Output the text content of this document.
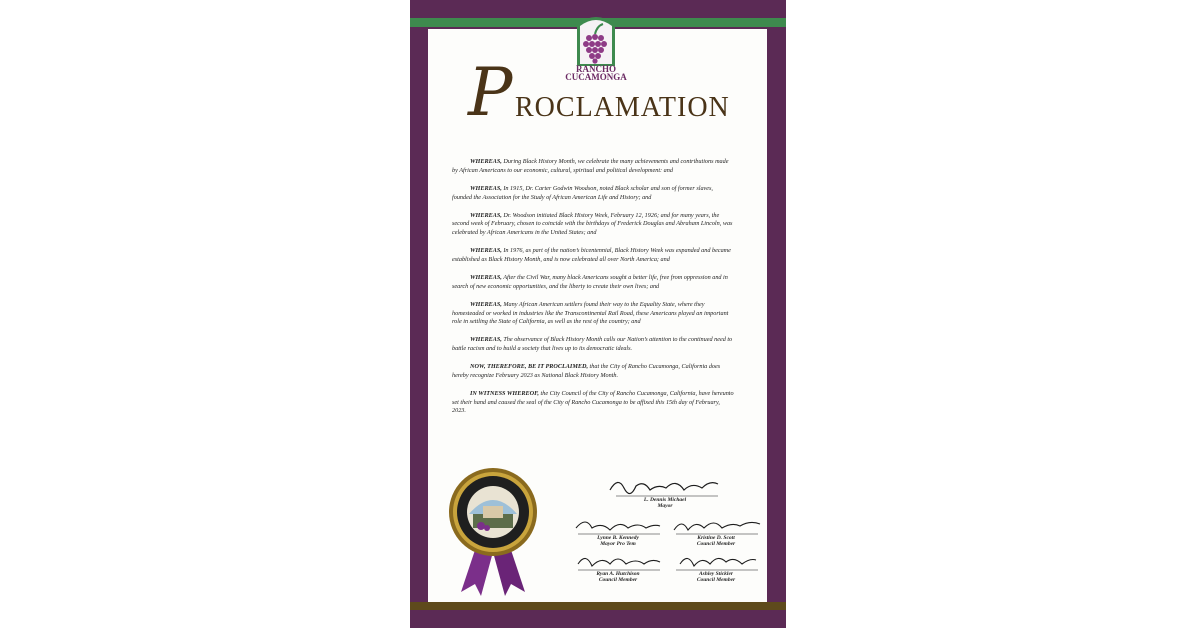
RANCHO
CUCAMONGA
P ROCLAMATION

WHEREAS, During Black History Month, we celebrate the many achievements and contributions made by African Americans to our economic, cultural, spiritual and political development: and

WHEREAS, In 1915, Dr. Carter Godwin Woodson, noted Black scholar and son of former slaves, founded the Association for the Study of African American Life and History; and

WHEREAS, Dr. Woodson initiated Black History Week, February 12, 1926; and for many years, the second week of February, chosen to coincide with the birthdays of Frederick Douglas and Abraham Lincoln, was celebrated by African Americans in the United States; and

WHEREAS, In 1976, as part of the nation’s bicentennial, Black History Week was expanded and became established as Black History Month, and is now celebrated all over North America; and

WHEREAS, After the Civil War, many black Americans sought a better life, free from oppression and in search of new economic opportunities, and the liberty to create their own lives; and

WHEREAS, Many African American settlers found their way to the Equality State, where they homesteaded or worked in industries like the Transcontinental Rail Road, these Americans played an important role in settling the State of California, as well as the rest of the country; and

WHEREAS, The observance of Black History Month calls our Nation’s attention to the continued need to battle racism and to build a society that lives up to its democratic ideals.

NOW, THEREFORE, BE IT PROCLAIMED, that the City of Rancho Cucamonga, California does hereby recognize February 2023 as National Black History Month.

IN WITNESS WHEREOF, the City Council of the City of Rancho Cucamonga, California, have hereunto set their hand and caused the seal of the City of Rancho Cucamonga to be affixed this 15th day of February, 2023.

L. Dennis Michael
Mayor
Lynne B. Kennedy
Mayor Pro Tem
Kristine D. Scott
Council Member
Ryan A. Hutchison
Council Member
Ashley Stickler
Council Member
